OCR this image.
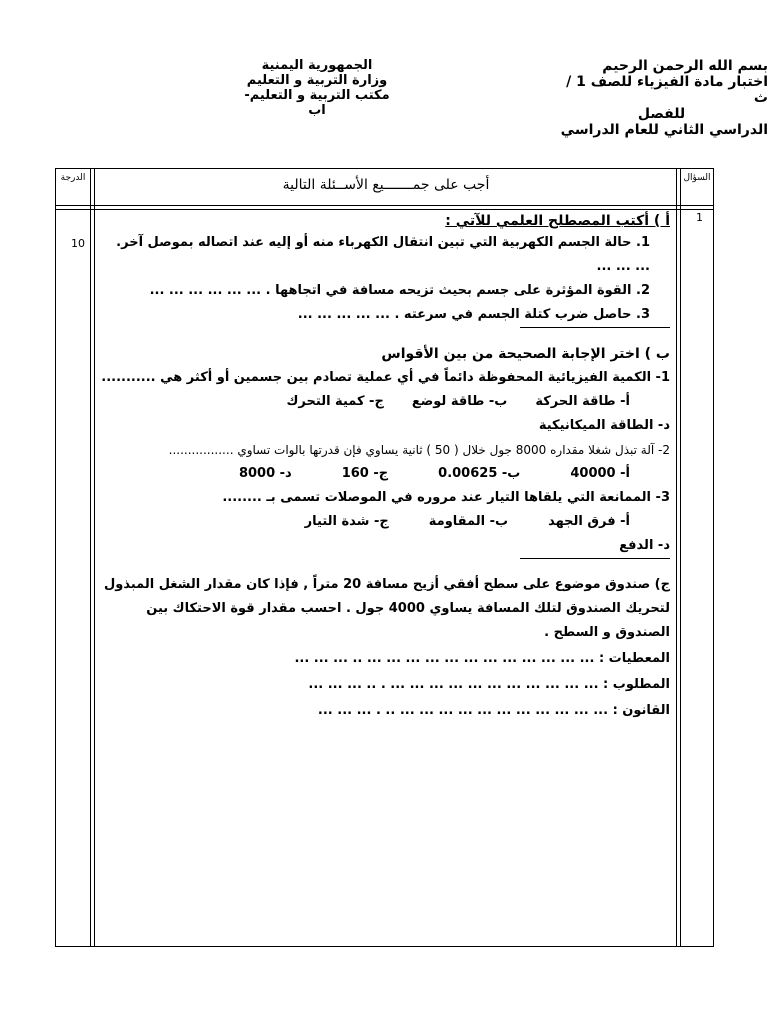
الجمهورية اليمنية
وزارة التربية و التعليم
مكتب التربية و التعليم-
اب
بسم الله الرحمن الرحيم
اختبار مادة الفيزياء للصف 1 /ث
للفصل
الدراسي الثاني للعام الدراسي
الدرجة	السؤال
أجب على جمـــــــيع الأســئلة التالية
10
1

أ ) أكتب المصطلح العلمي للآتي :

1. حالة الجسم الكهربية التي تبين انتقال الكهرباء منه أو إليه عند اتصاله بموصل آخر. ... ... ...

2. القوة المؤثرة على جسم بحيث تزيحه مسافة في اتجاهها . ... ... ... ... ... ...

3. حاصل ضرب كتلة الجسم في سرعته . ... ... ... ... ...

ب ) اختر الإجابة الصحيحة من بين الأقواس

1- الكمية الفيزيائية المحفوظة دائماً في أي عملية تصادم بين جسمين أو أكثر هي ...........

أ- طاقة الحركة
ب- طاقة لوضع
ج- كمية التحرك

د- الطاقة الميكانيكية

2- آلة تبذل شغلا مقداره 8000 جول خلال ( 50 ) ثانية يساوي فإن قدرتها بالوات تساوي .................

أ- 40000
ب- 0.00625
ج- 160
د- 8000

3- الممانعة التي يلقاها التيار عند مروره في الموصلات تسمى بـ ........

أ- فرق الجهد
ب- المقاومة
ج- شدة التيار

د- الدفع

ج) صندوق موضوع على سطح أفقي أزيح مسافة 20 متراً , فإذا كان مقدار الشغل المبذول لتحريك الصندوق لتلك المسافة يساوي 4000 جول . احسب مقدار قوة الاحتكاك بين الصندوق و السطح .

المعطيات : ... ... ... ... ... ... ... ... ... ... ... ... .. ... ... ...

المطلوب : ... ... ... ... ... ... ... ... ... ... ... . .. ... ... ...

القانون : ... ... ... ... ... ... ... ... ... ... ... .. . ... ... ...
